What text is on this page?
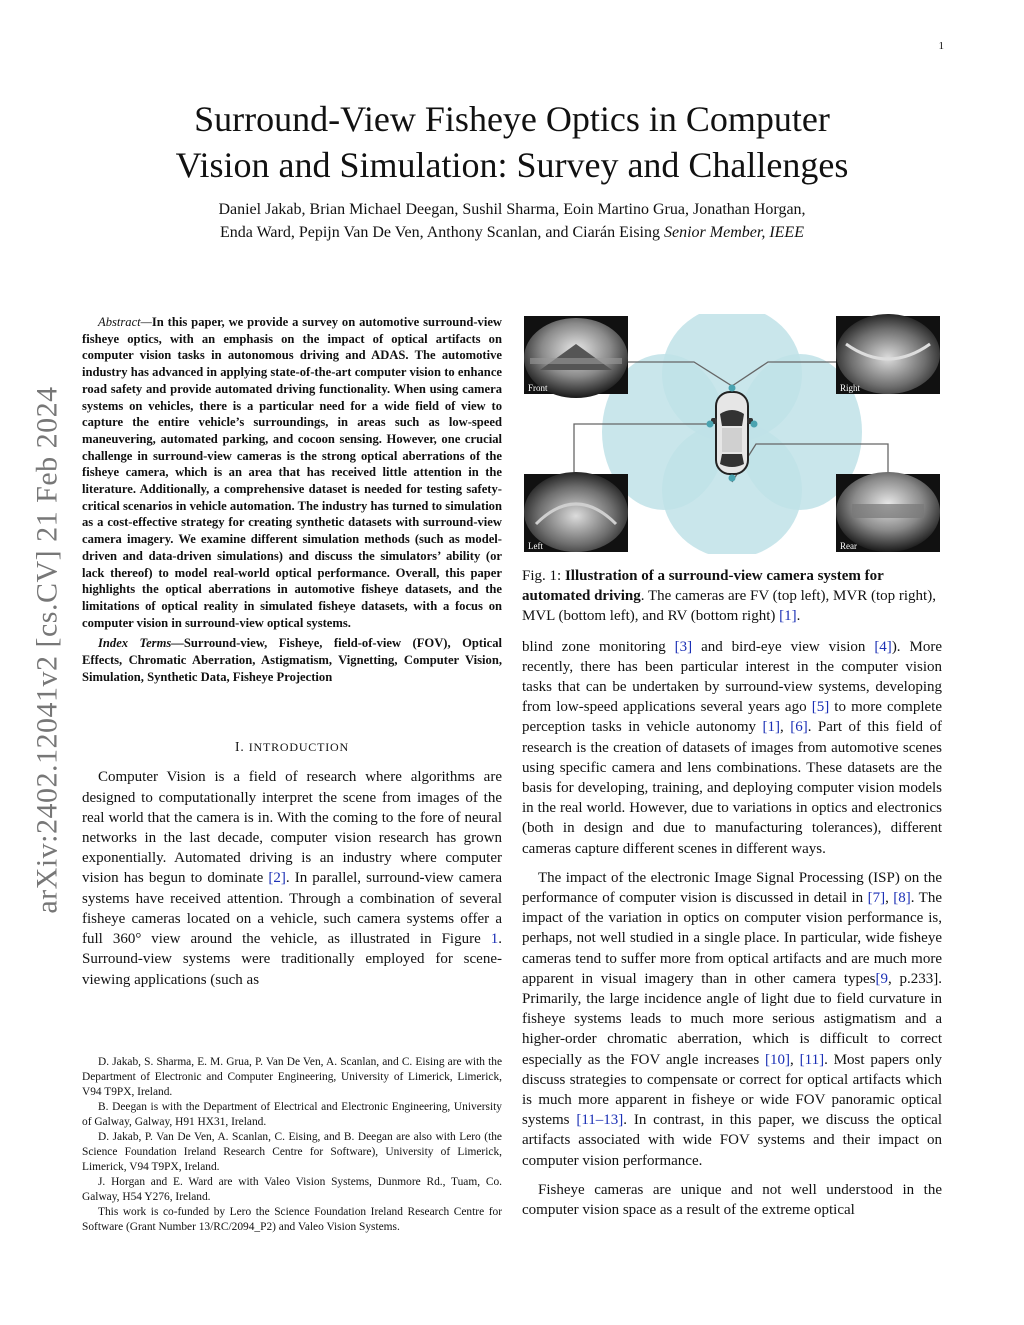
1
arXiv:2402.12041v2 [cs.CV] 21 Feb 2024
Surround-View Fisheye Optics in Computer
Vision and Simulation: Survey and Challenges
Daniel Jakab, Brian Michael Deegan, Sushil Sharma, Eoin Martino Grua, Jonathan Horgan,
Enda Ward, Pepijn Van De Ven, Anthony Scanlan, and Ciarán Eising Senior Member, IEEE

Abstract—In this paper, we provide a survey on automotive surround-view fisheye optics, with an emphasis on the impact of optical artifacts on computer vision tasks in autonomous driving and ADAS. The automotive industry has advanced in applying state-of-the-art computer vision to enhance road safety and provide automated driving functionality. When using camera systems on vehicles, there is a particular need for a wide field of view to capture the entire vehicle’s surroundings, in areas such as low-speed maneuvering, automated parking, and cocoon sensing. However, one crucial challenge in surround-view cameras is the strong optical aberrations of the fisheye camera, which is an area that has received little attention in the literature. Additionally, a comprehensive dataset is needed for testing safety-critical scenarios in vehicle automation. The industry has turned to simulation as a cost-effective strategy for creating synthetic datasets with surround-view camera imagery. We examine different simulation methods (such as model-driven and data-driven simulations) and discuss the simulators’ ability (or lack thereof) to model real-world optical performance. Overall, this paper highlights the optical aberrations in automotive fisheye datasets, and the limitations of optical reality in simulated fisheye datasets, with a focus on computer vision in surround-view optical systems.

Index Terms—Surround-view, Fisheye, field-of-view (FOV), Optical Effects, Chromatic Aberration, Astigmatism, Vignetting, Computer Vision, Simulation, Synthetic Data, Fisheye Projection

I. INTRODUCTION

Computer Vision is a field of research where algorithms are designed to computationally interpret the scene from images of the real world that the camera is in. With the coming to the fore of neural networks in the last decade, computer vision research has grown exponentially. Automated driving is an industry where computer vision has begun to dominate [2]. In parallel, surround-view camera systems have received attention. Through a combination of several fisheye cameras located on a vehicle, such camera systems offer a full 360° view around the vehicle, as illustrated in Figure 1. Surround-view systems were traditionally employed for scene-viewing applications (such as

D. Jakab, S. Sharma, E. M. Grua, P. Van De Ven, A. Scanlan, and C. Eising are with the Department of Electronic and Computer Engineering, University of Limerick, Limerick, V94 T9PX, Ireland.

B. Deegan is with the Department of Electrical and Electronic Engineering, University of Galway, Galway, H91 HX31, Ireland.

D. Jakab, P. Van De Ven, A. Scanlan, C. Eising, and B. Deegan are also with Lero (the Science Foundation Ireland Research Centre for Software), University of Limerick, Limerick, V94 T9PX, Ireland.

J. Horgan and E. Ward are with Valeo Vision Systems, Dunmore Rd., Tuam, Co. Galway, H54 Y276, Ireland.

This work is co-funded by Lero the Science Foundation Ireland Research Centre for Software (Grant Number 13/RC/2094_P2) and Valeo Vision Systems.

Front	Right
Left	Rear

Fig. 1: Illustration of a surround-view camera system for automated driving. The cameras are FV (top left), MVR (top right), MVL (bottom left), and RV (bottom right) [1].

blind zone monitoring [3] and bird-eye view vision [4]). More recently, there has been particular interest in the computer vision tasks that can be undertaken by surround-view systems, developing from low-speed applications several years ago [5] to more complete perception tasks in vehicle autonomy [1], [6]. Part of this field of research is the creation of datasets of images from automotive scenes using specific camera and lens combinations. These datasets are the basis for developing, training, and deploying computer vision models in the real world. However, due to variations in optics and electronics (both in design and due to manufacturing tolerances), different cameras capture different scenes in different ways.

The impact of the electronic Image Signal Processing (ISP) on the performance of computer vision is discussed in detail in [7], [8]. The impact of the variation in optics on computer vision performance is, perhaps, not well studied in a single place. In particular, wide fisheye cameras tend to suffer more from optical artifacts and are much more apparent in visual imagery than in other camera types[9, p.233]. Primarily, the large incidence angle of light due to field curvature in fisheye systems leads to much more serious astigmatism and a higher-order chromatic aberration, which is difficult to correct especially as the FOV angle increases [10], [11]. Most papers only discuss strategies to compensate or correct for optical artifacts which is much more apparent in fisheye or wide FOV panoramic optical systems [11–13]. In contrast, in this paper, we discuss the optical artifacts associated with wide FOV systems and their impact on computer vision performance.

Fisheye cameras are unique and not well understood in the computer vision space as a result of the extreme optical
